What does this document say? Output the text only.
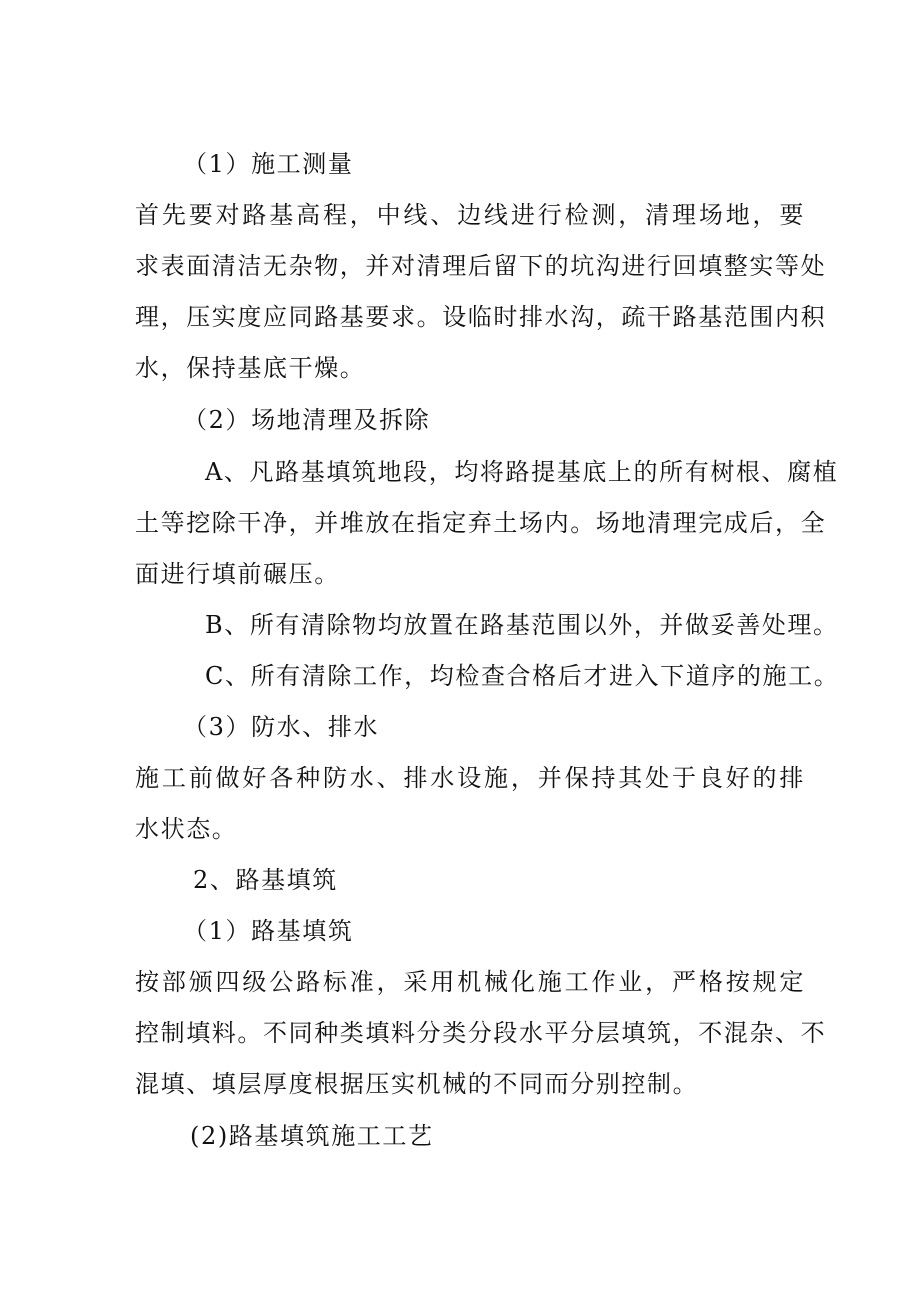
（1）施工测量
首先要对路基高程，中线、边线进行检测，清理场地，要
求表面清洁无杂物，并对清理后留下的坑沟进行回填整实等处
理，压实度应同路基要求。设临时排水沟，疏干路基范围内积
水，保持基底干燥。
（2）场地清理及拆除
A、凡路基填筑地段，均将路提基底上的所有树根、腐植
土等挖除干净，并堆放在指定弃土场内。场地清理完成后，全
面进行填前碾压。
B、所有清除物均放置在路基范围以外，并做妥善处理。
C、所有清除工作，均检查合格后才进入下道序的施工。
（3）防水、排水
施工前做好各种防水、排水设施，并保持其处于良好的排
水状态。
2、路基填筑
（1）路基填筑
按部颁四级公路标准，采用机械化施工作业，严格按规定
控制填料。不同种类填料分类分段水平分层填筑，不混杂、不
混填、填层厚度根据压实机械的不同而分别控制。
(2)路基填筑施工工艺
